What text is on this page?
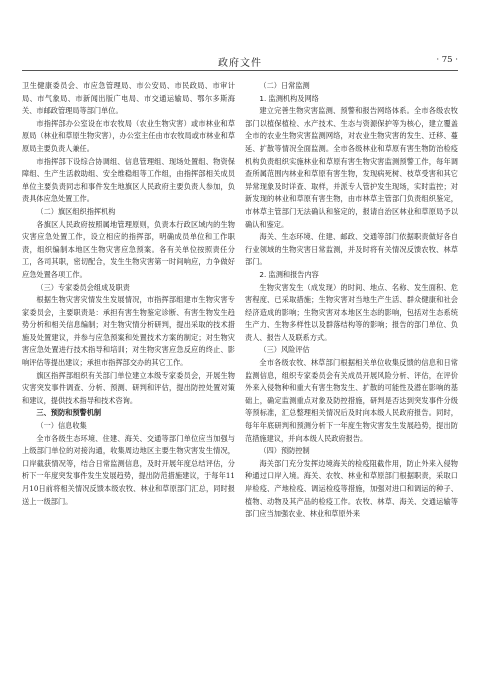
政府文件	· 75 ·

卫生健康委员会、市应急管理局、市公安局、市民政局、市审计局、市气象局、市新闻出版广电局、市交通运输局、鄂尔多斯海关、市邮政管理局等部门单位。

市指挥部办公室设在市农牧局（农业生物灾害）或市林业和草原局（林业和草原生物灾害），办公室主任由市农牧局或市林业和草原局主要负责人兼任。

市指挥部下设综合协调组、信息管理组、现场处置组、物资保障组、生产生活救助组、安全维稳组等工作组，由指挥部相关成员单位主要负责同志和事件发生地旗区人民政府主要负责人参加，负责具体应急处置工作。

（二）旗区组织指挥机构

各旗区人民政府按照属地管理原则，负责本行政区域内的生物灾害应急处置工作，设立相应的指挥部，明确成员单位和工作职责，组织编制本地区生物灾害应急预案。各有关单位按照责任分工，各司其职，密切配合，发生生物灾害第一时间响应，力争做好应急处置各项工作。

（三）专家委员会组成及职责

根据生物灾害灾情发生发展情况，市指挥部组建市生物灾害专家委员会，主要职责是：承担有害生物鉴定诊断、有害生物发生趋势分析和相关信息编制；对生物灾情分析研判，提出采取的技术措施及处置建议，并参与应急预案和处置技术方案的制定；对生物灾害应急处置进行技术指导和培训；对生物灾害应急反应的终止、影响评估等提出建议；承担市指挥部交办的其它工作。

旗区指挥部组织有关部门单位建立本级专家委员会，开展生物灾害突发事件调查、分析、预测、研判和评估，提出防控处置对策和建议，提供技术指导和技术咨询。

三、预防和预警机制

（一）信息收集

全市各级生态环境、住建、海关、交通等部门单位应当加强与上级部门单位的对接沟通，收集周边地区主要生物灾害发生情况，口岸截获情况等，结合日常监测信息，及时开展年度总结评估，分析下一年度突发事件发生发展趋势，提出防范措施建议，于每年11月10日前将相关情况反馈本级农牧、林业和草原部门汇总，同时报送上一级部门。

（二）日常监测

1. 监测机构及网络

建立完善生物灾害监测、预警和报告网络体系。全市各级农牧部门以植保植检、水产技术、生态与资源保护等为核心，建立覆盖全市的农业生物灾害监测网络，对农业生物灾害的发生、迁移、蔓延、扩散等情况全面监测。全市各级林业和草原有害生物防治检疫机构负责组织实施林业和草原有害生物灾害监测预警工作，每年调查所属范围内林业和草原有害生物，发现病死树、枝草受害和其它异常现象及时详查、取样，并派专人管护发生现场，实时监控；对新发现的林业和草原有害生物，由市林草主管部门负责组织鉴定，市林草主管部门无法确认和鉴定的，报请自治区林业和草原局予以确认和鉴定。

海关、生态环境、住建、邮政、交通等部门依据职责做好各自行业领域的生物灾害日常监测，并及时将有关情况反馈农牧、林草部门。

2. 监测和报告内容

生物灾害发生（成发现）的时间、地点、名称、发生面积、危害程度、已采取措施；生物灾害对当地生产生活、群众健康和社会经济造成的影响；生物灾害对本地区生态的影响，包括对生态系统生产力、生物多样性以及群落结构等的影响；报告的部门单位、负责人、报告人及联系方式。

（三）风险评估

全市各级农牧、林草部门根据相关单位收集反馈的信息和日常监测信息，组织专家委员会有关成员开展风险分析、评估，在评价外来入侵物种和重大有害生物发生、扩散的可能性及潜在影响的基础上，确定监测重点对象及防控措施，研判是否达到突发事件分级等预标准，汇总整理相关情况后及时向本级人民政府报告。同时，每年年底研判和预测分析下一年度生物灾害发生发展趋势，提出防范措施建议，并向本级人民政府报告。

（四）预防控制

海关部门充分发挥边境海关的检疫阻截作用，防止外来入侵物种通过口岸入境。海关、农牧、林业和草原部门根据职责，采取口岸检疫、产地检疫、调运检疫等措施，加强对进口和调运的种子、植物、动物及其产品的检疫工作。农牧、林草、海关、交通运输等部门应当加强农业、林业和草原外来
